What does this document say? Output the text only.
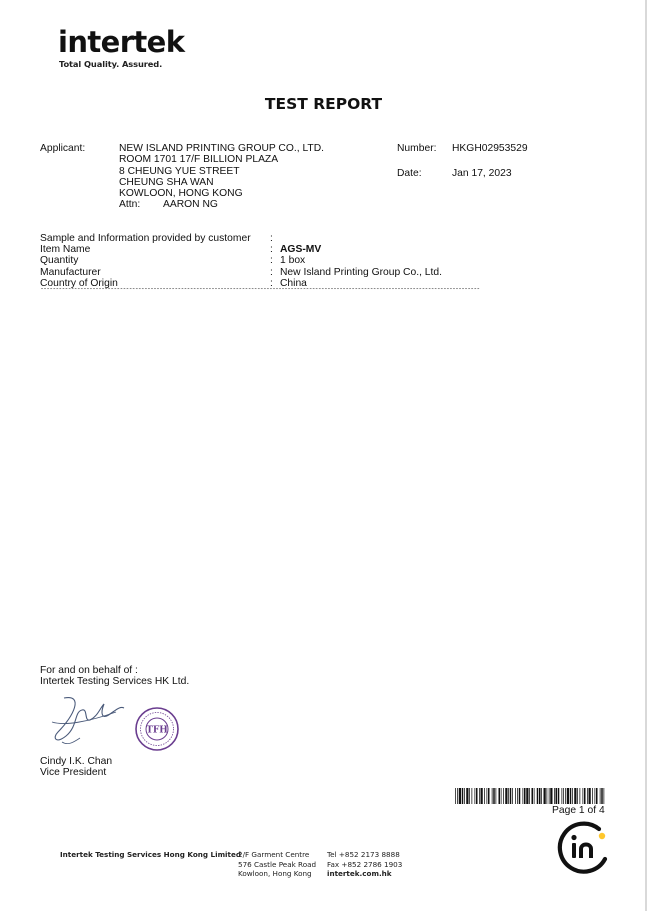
intertek
Total Quality. Assured.
TEST REPORT
Applicant:	NEW ISLAND PRINTING GROUP CO., LTD.
ROOM 1701 17/F BILLION PLAZA
8 CHEUNG YUE STREET
CHEUNG SHA WAN
KOWLOON, HONG KONG
Attn: AARON NG
Number: HKGH02953529
Date:	Jan 17, 2023
Sample and Information provided by customer :
Item Name	: AGS-MV
Quantity	: 1 box
Manufacturer	: New Island Printing Group Co., Ltd.
Country of Origin	: China
************************************************************************************************************************************************
For and on behalf of :
Intertek Testing Services HK Ltd.
TFH
Cindy I.K. Chan
Vice President
Page 1 of 4
Intertek Testing Services Hong Kong Limited
2/F Garment Centre
576 Castle Peak Road
Kowloon, Hong Kong
Tel +852 2173 8888
Fax +852 2786 1903
intertek.com.hk
